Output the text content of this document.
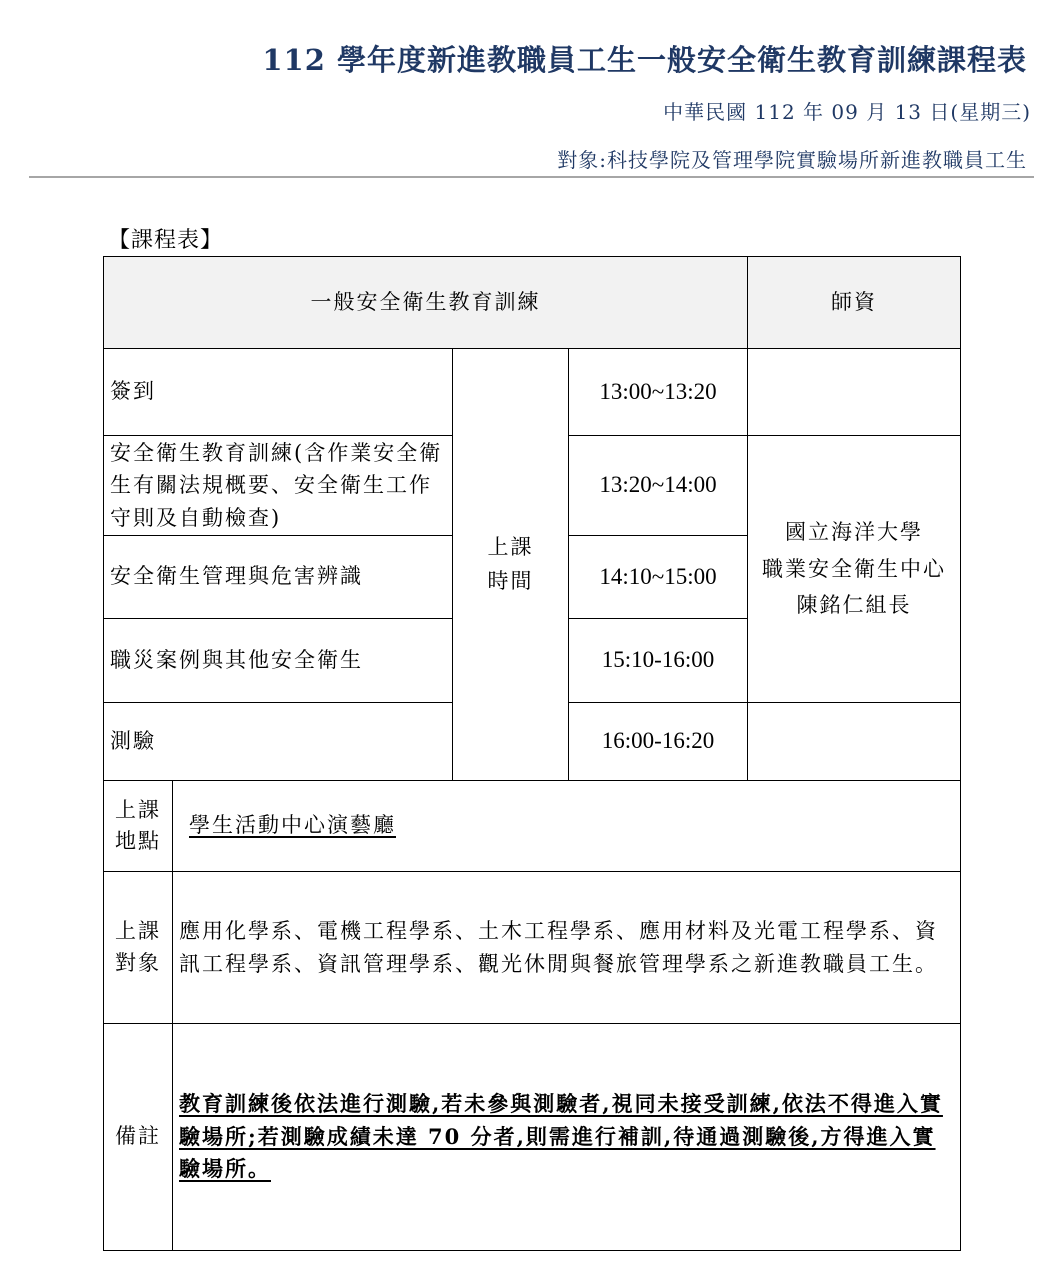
112 學年度新進教職員工生一般安全衛生教育訓練課程表
中華民國 112 年 09 月 13 日(星期三)
對象:科技學院及管理學院實驗場所新進教職員工生
【課程表】
一般安全衛生教育訓練	師資
簽到
安全衛生教育訓練(含作業安全衛生有關法規概要、安全衛生工作守則及自動檢查)
安全衛生管理與危害辨識
職災案例與其他安全衛生
測驗
上課
時間
13:00~13:20
13:20~14:00
14:10~15:00
15:10-16:00
16:00-16:20
國立海洋大學
職業安全衛生中心
陳銘仁組長
上課
地點
學生活動中心演藝廳
上課
對象
應用化學系、電機工程學系、土木工程學系、應用材料及光電工程學系、資訊工程學系、資訊管理學系、觀光休閒與餐旅管理學系之新進教職員工生。
備註
教育訓練後依法進行測驗,若未參與測驗者,視同未接受訓練,依法不得進入實驗場所;若測驗成績未達 70 分者,則需進行補訓,待通過測驗後,方得進入實驗場所。
